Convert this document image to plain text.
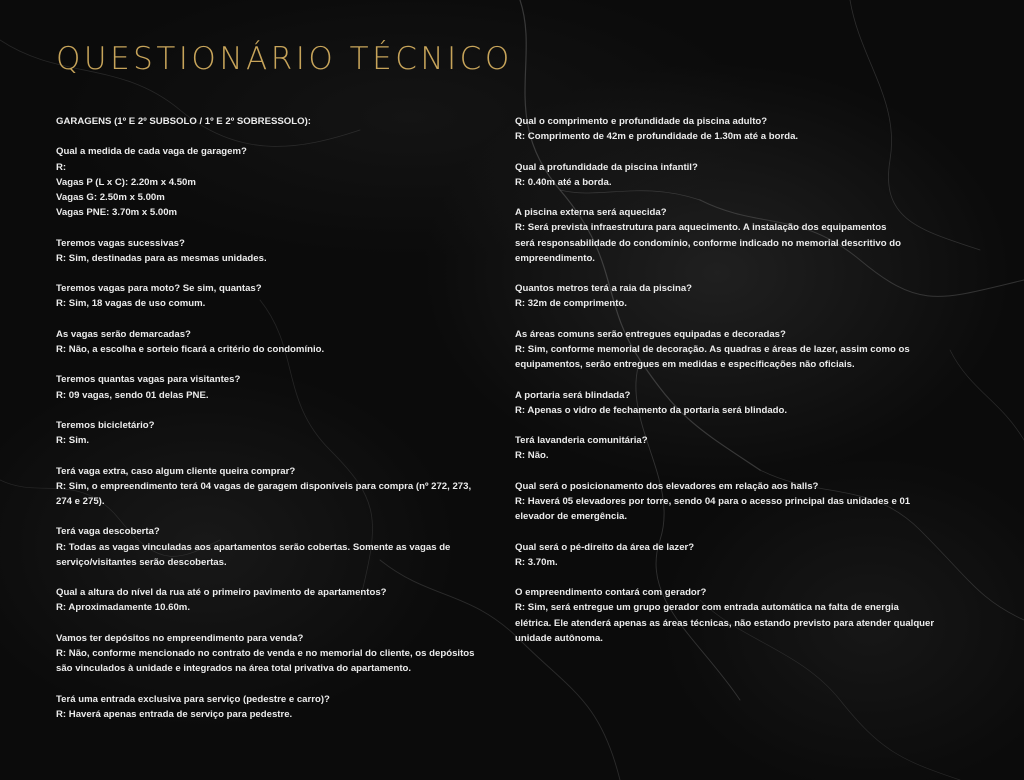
QUESTIONÁRIO TÉCNICO

GARAGENS (1º E 2º SUBSOLO / 1º E 2º SOBRESSOLO):

Qual a medida de cada vaga de garagem?

R:

Vagas P (L x C): 2.20m x 4.50m

Vagas G: 2.50m x 5.00m

Vagas PNE: 3.70m x 5.00m

Teremos vagas sucessivas?

R: Sim, destinadas para as mesmas unidades.

Teremos vagas para moto? Se sim, quantas?

R: Sim, 18 vagas de uso comum.

As vagas serão demarcadas?

R: Não, a escolha e sorteio ficará a critério do condomínio.

Teremos quantas vagas para visitantes?

R: 09 vagas, sendo 01 delas PNE.

Teremos bicicletário?

R: Sim.

Terá vaga extra, caso algum cliente queira comprar?

R: Sim, o empreendimento terá 04 vagas de garagem disponíveis para compra (nº 272, 273,

274 e 275).

Terá vaga descoberta?

R: Todas as vagas vinculadas aos apartamentos serão cobertas. Somente as vagas de

serviço/visitantes serão descobertas.

Qual a altura do nível da rua até o primeiro pavimento de apartamentos?

R: Aproximadamente 10.60m.

Vamos ter depósitos no empreendimento para venda?

R: Não, conforme mencionado no contrato de venda e no memorial do cliente, os depósitos

são vinculados à unidade e integrados na área total privativa do apartamento.

Terá uma entrada exclusiva para serviço (pedestre e carro)?

R: Haverá apenas entrada de serviço para pedestre.

Qual o comprimento e profundidade da piscina adulto?

R: Comprimento de 42m e profundidade de 1.30m até a borda.

Qual a profundidade da piscina infantil?

R: 0.40m até a borda.

A piscina externa será aquecida?

R: Será prevista infraestrutura para aquecimento. A instalação dos equipamentos

será responsabilidade do condomínio, conforme indicado no memorial descritivo do

empreendimento.

Quantos metros terá a raia da piscina?

R: 32m de comprimento.

As áreas comuns serão entregues equipadas e decoradas?

R: Sim, conforme memorial de decoração. As quadras e áreas de lazer, assim como os

equipamentos, serão entregues em medidas e especificações não oficiais.

A portaria será blindada?

R: Apenas o vidro de fechamento da portaria será blindado.

Terá lavanderia comunitária?

R: Não.

Qual será o posicionamento dos elevadores em relação aos halls?

R: Haverá 05 elevadores por torre, sendo 04 para o acesso principal das unidades e 01

elevador de emergência.

Qual será o pé-direito da área de lazer?

R: 3.70m.

O empreendimento contará com gerador?

R: Sim, será entregue um grupo gerador com entrada automática na falta de energia

elétrica. Ele atenderá apenas as áreas técnicas, não estando previsto para atender qualquer

unidade autônoma.
